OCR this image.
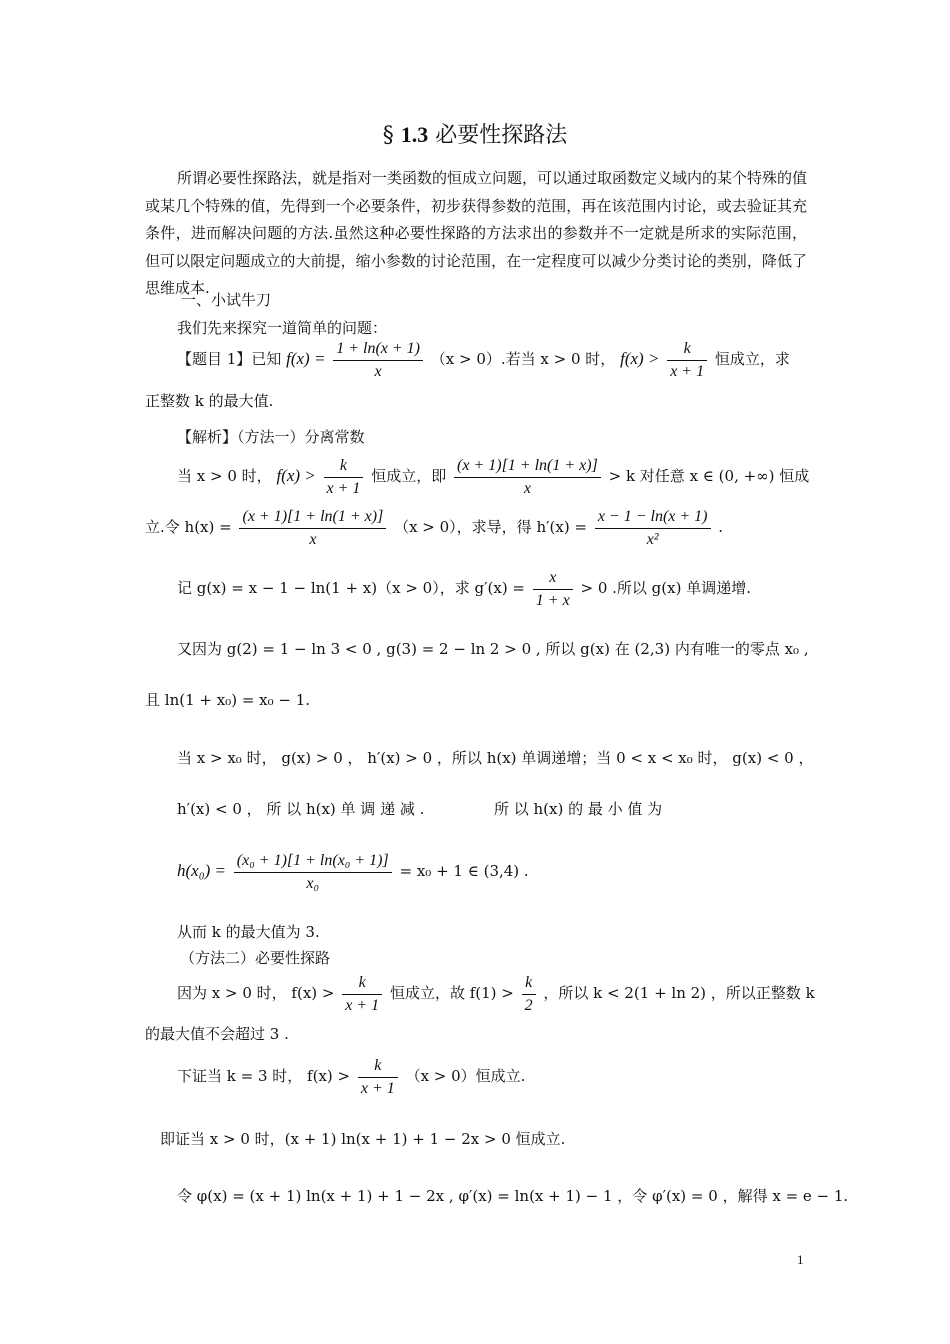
§ 1.3 必要性探路法
所谓必要性探路法，就是指对一类函数的恒成立问题，可以通过取函数定义域内的某个特殊的值或某几个特殊的值，先得到一个必要条件，初步获得参数的范围，再在该范围内讨论，或去验证其充条件，进而解决问题的方法.虽然这种必要性探路的方法求出的参数并不一定就是所求的实际范围，但可以限定问题成立的大前提，缩小参数的讨论范围，在一定程度可以减少分类讨论的类别，降低了思维成本.
一、小试牛刀
我们先来探究一道简单的问题：
【题目 1】已知 $f(x) = \frac{1 + \ln(x + 1)}{x} (x > 0)$.若当 x > 0 时， $f(x) > \frac{k}{x + 1}$ 恒成立，求
正整数 k 的最大值.
【解析】（方法一）分离常数
当 x > 0 时， $f(x) > \frac{k}{x + 1}$ 恒成立，即 $\frac{(x + 1)[1 + \ln(1 + x)]}{x} > k$ 对任意 x ∈ (0, +∞) 恒成
立.令 $h(x) = \frac{(x + 1)[1 + \ln(1 + x)]}{x} (x > 0)$，求导，得 $h'(x) = \frac{x - 1 - \ln(x + 1)}{\text{x²}}$ .
记 g(x) = x − 1 − ln(1 + x)（x > 0），求 $g'(x) = \frac{x}{1 + x} > 0$ .所以 g(x) 单调递增.
又因为 g(2) = 1 − ln 3 < 0 , g(3) = 2 − ln 2 > 0 , 所以 g(x) 在 (2,3) 内有唯一的零点 x₀ ,
且 ln(1 + x₀) = x₀ − 1.
当 x > x₀ 时， g(x) > 0 ， h′(x) > 0 ，所以 h(x) 单调递增；当 0 < x < x₀ 时， g(x) < 0 ，
h′(x) < 0 ， 所 以 h(x) 单 调 递 减 .	所 以 h(x) 的 最 小 值 为
$h(x_0) = \frac{\text{(x₀ + 1)[1 + ln(x₀ + 1)]}}{\text{x₀}} = x_0 + 1$ ∈ (3,4) .
从而 k 的最大值为 3.
（方法二）必要性探路
因为 x > 0 时， $f(x) > \frac{k}{x + 1}$ 恒成立，故 $f(1) > \frac{k}{2}$ ，所以 k < 2(1 + ln 2) ，所以正整数 k
的最大值不会超过 3 .
下证当 k = 3 时， $f(x) > \frac{k}{x + 1} (x > 0)$恒成立.
即证当 x > 0 时，(x + 1) ln(x + 1) + 1 − 2x > 0 恒成立.
令 φ(x) = (x + 1) ln(x + 1) + 1 − 2x , φ′(x) = ln(x + 1) − 1 ，令 φ′(x) = 0 ，解得 x = e − 1.
1
